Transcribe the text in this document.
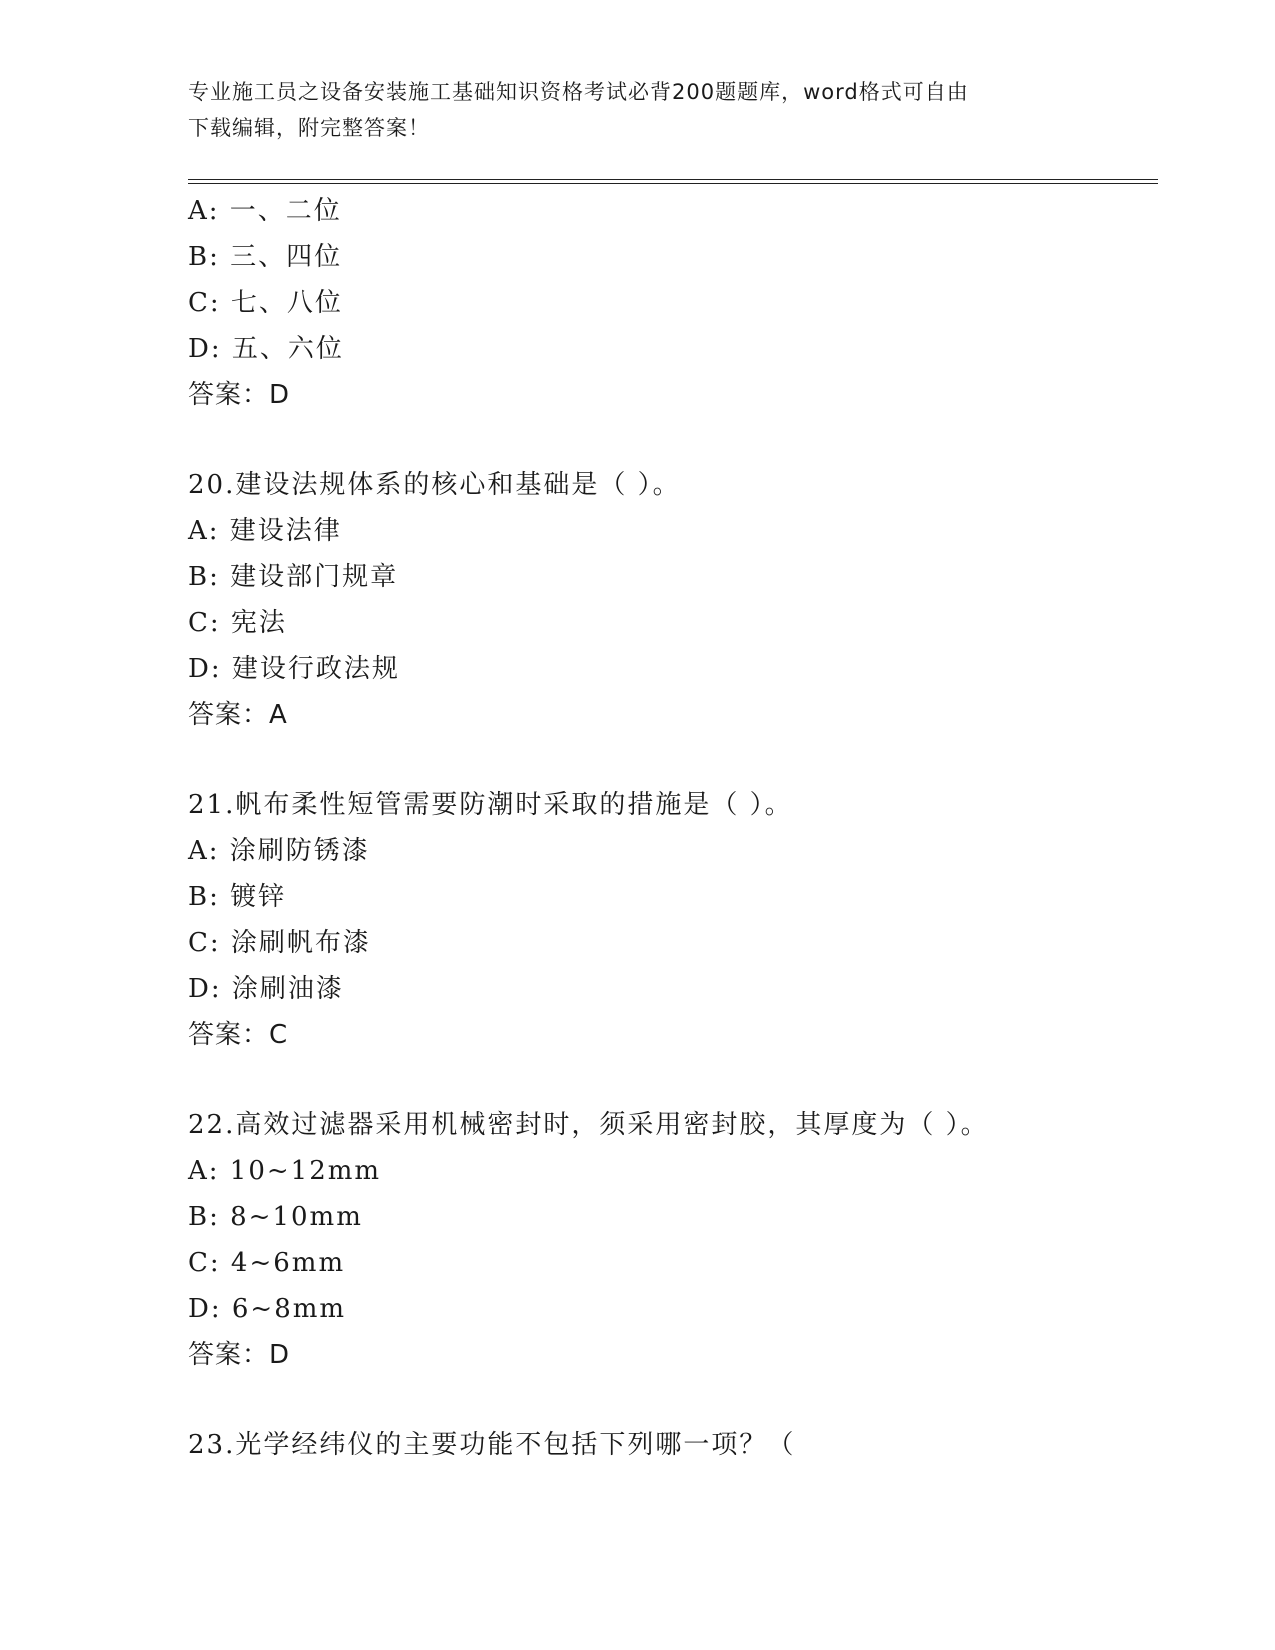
专业施工员之设备安装施工基础知识资格考试必背200题题库，word格式可自由
下载编辑，附完整答案！
A: 一、二位
B: 三、四位
C: 七、八位
D: 五、六位
答案：D
20.建设法规体系的核心和基础是（ ）。
A: 建设法律
B: 建设部门规章
C: 宪法
D: 建设行政法规
答案：A
21.帆布柔性短管需要防潮时采取的措施是（ ）。
A: 涂刷防锈漆
B: 镀锌
C: 涂刷帆布漆
D: 涂刷油漆
答案：C
22.高效过滤器采用机械密封时，须采用密封胶，其厚度为（ ）。
A: 10~12mm
B: 8~10mm
C: 4~6mm
D: 6~8mm
答案：D
23.光学经纬仪的主要功能不包括下列哪一项？（
